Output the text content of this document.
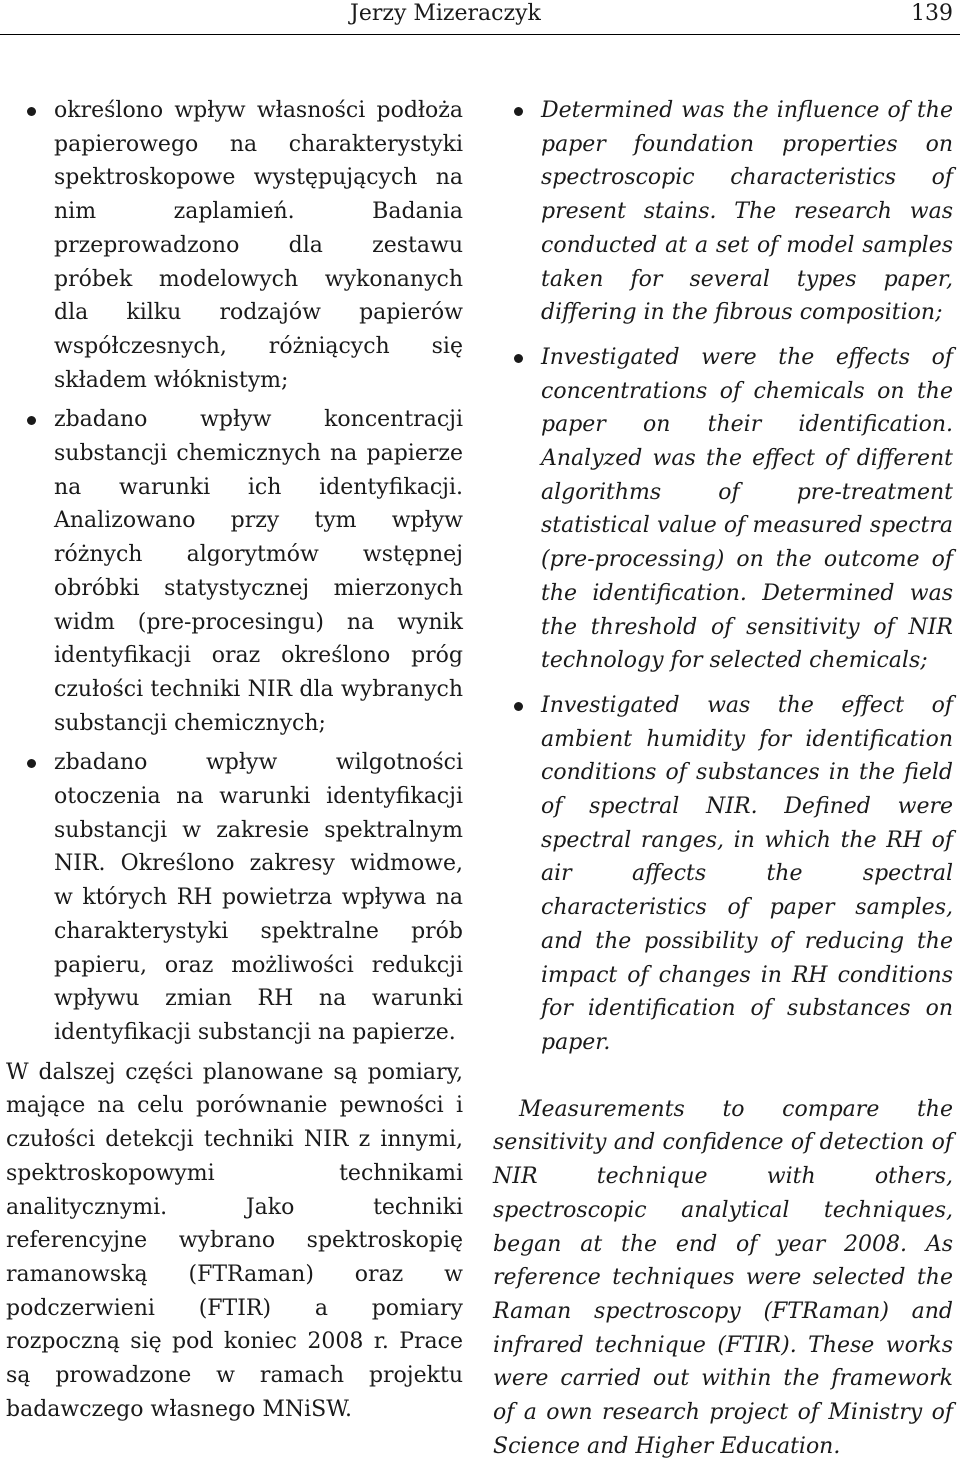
Jerzy Mizeraczyk	139
określono wpływ własności podłoża papierowego na charakterystyki spektroskopowe występujących na nim zaplamień. Badania przeprowadzono dla zestawu próbek modelowych wykonanych dla kilku rodzajów papierów współczesnych, różniących się składem włóknistym;
zbadano wpływ koncentracji substancji chemicznych na papierze na warunki ich identyfikacji. Analizowano przy tym wpływ różnych algorytmów wstępnej obróbki statystycznej mierzonych widm (pre-procesingu) na wynik identyfikacji oraz określono próg czułości techniki NIR dla wybranych substancji chemicznych;
zbadano wpływ wilgotności otoczenia na warunki identyfikacji substancji w zakresie spektralnym NIR. Określono zakresy widmowe, w których RH powietrza wpływa na charakterystyki spektralne prób papieru, oraz możliwości redukcji wpływu zmian RH na warunki identyfikacji substancji na papierze.

W dalszej części planowane są pomiary, mające na celu porównanie pewności i czułości detekcji techniki NIR z innymi, spektroskopowymi technikami analitycznymi. Jako techniki referencyjne wybrano spektroskopię ramanowską (FTRaman) oraz w podczerwieni (FTIR) a pomiary rozpoczną się pod koniec 2008 r. Prace są prowadzone w ramach projektu badawczego własnego MNiSW.

Determined was the influence of the paper foundation properties on spectroscopic characteristics of present stains. The research was conducted at a set of model samples taken for several types paper, differing in the fibrous composition;
Investigated were the effects of concentrations of chemicals on the paper on their identification. Analyzed was the effect of different algorithms of pre-treatment statistical value of measured spectra (pre-processing) on the outcome of the identification. Determined was the threshold of sensitivity of NIR technology for selected chemicals;
Investigated was the effect of ambient humidity for identification conditions of substances in the field of spectral NIR. Defined were spectral ranges, in which the RH of air affects the spectral characteristics of paper samples, and the possibility of reducing the impact of changes in RH conditions for identification of substances on paper.

Measurements to compare the sensitivity and confidence of detection of NIR technique with others, spectroscopic analytical techniques, began at the end of year 2008. As reference techniques were selected the Raman spectroscopy (FTRaman) and infrared technique (FTIR). These works were carried out within the framework of a own research project of Ministry of Science and Higher Education.
